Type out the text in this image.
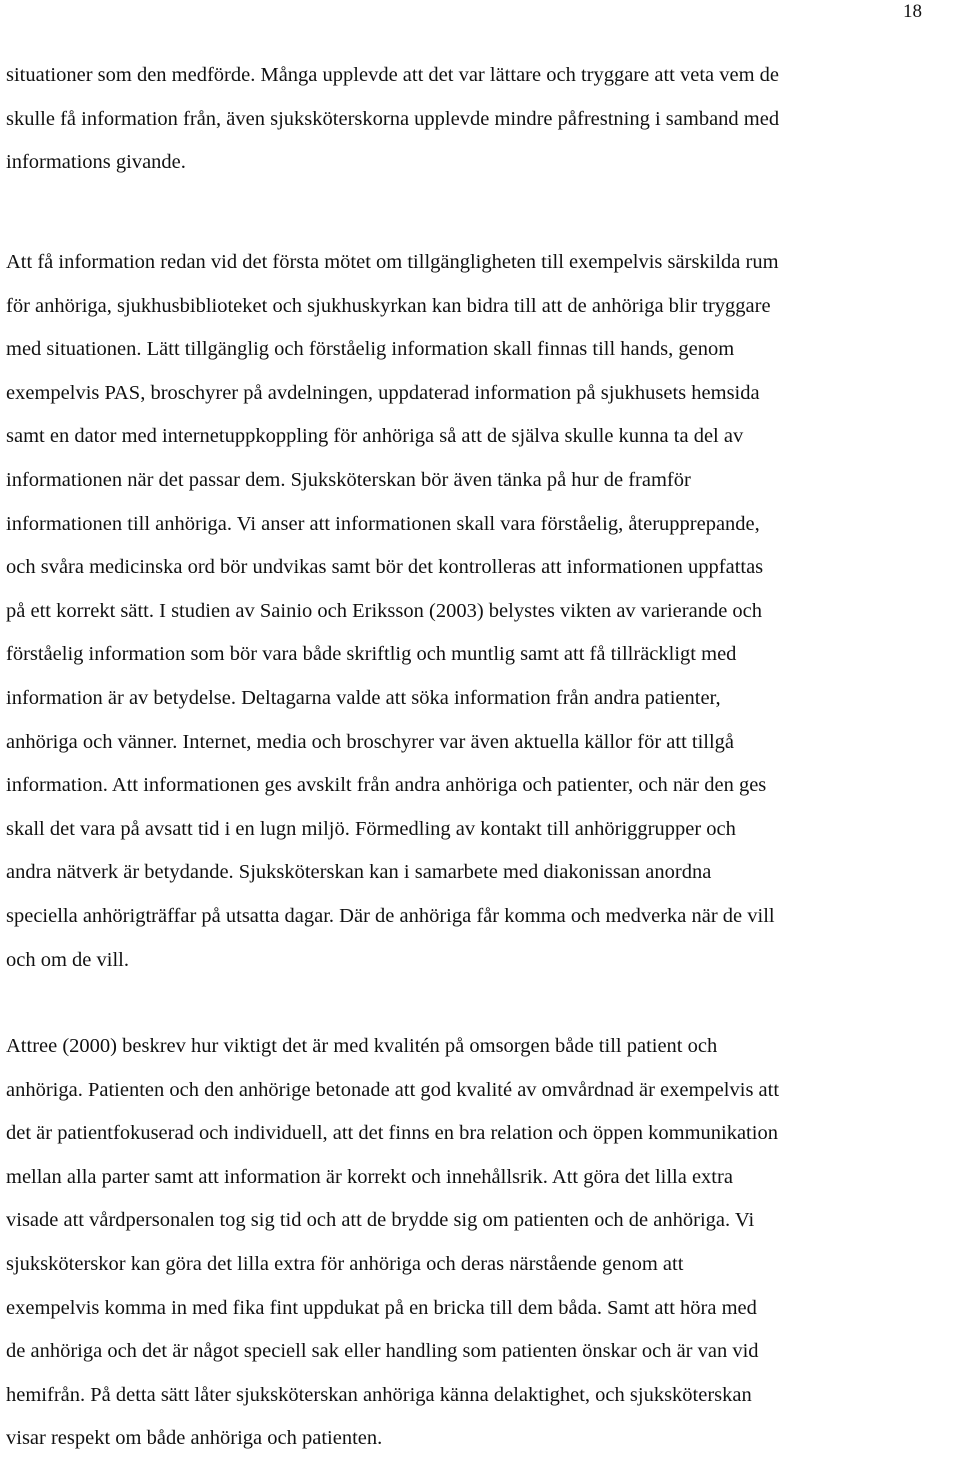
18

situationer som den medförde. Många upplevde att det var lättare och tryggare att veta vem de
skulle få information från, även sjuksköterskorna upplevde mindre påfrestning i samband med
informations givande.

Att få information redan vid det första mötet om tillgängligheten till exempelvis särskilda rum
för anhöriga, sjukhusbiblioteket och sjukhuskyrkan kan bidra till att de anhöriga blir tryggare
med situationen. Lätt tillgänglig och förståelig information skall finnas till hands, genom
exempelvis PAS, broschyrer på avdelningen, uppdaterad information på sjukhusets hemsida
samt en dator med internetuppkoppling för anhöriga så att de själva skulle kunna ta del av
informationen när det passar dem. Sjuksköterskan bör även tänka på hur de framför
informationen till anhöriga. Vi anser att informationen skall vara förståelig, återupprepande,
och svåra medicinska ord bör undvikas samt bör det kontrolleras att informationen uppfattas
på ett korrekt sätt. I studien av Sainio och Eriksson (2003) belystes vikten av varierande och
förståelig information som bör vara både skriftlig och muntlig samt att få tillräckligt med
information är av betydelse. Deltagarna valde att söka information från andra patienter,
anhöriga och vänner. Internet, media och broschyrer var även aktuella källor för att tillgå
information. Att informationen ges avskilt från andra anhöriga och patienter, och när den ges
skall det vara på avsatt tid i en lugn miljö. Förmedling av kontakt till anhöriggrupper och
andra nätverk är betydande. Sjuksköterskan kan i samarbete med diakonissan anordna
speciella anhörigträffar på utsatta dagar. Där de anhöriga får komma och medverka när de vill
och om de vill.

Attree (2000) beskrev hur viktigt det är med kvalitén på omsorgen både till patient och
anhöriga. Patienten och den anhörige betonade att god kvalité av omvårdnad är exempelvis att
det är patientfokuserad och individuell, att det finns en bra relation och öppen kommunikation
mellan alla parter samt att information är korrekt och innehållsrik. Att göra det lilla extra
visade att vårdpersonalen tog sig tid och att de brydde sig om patienten och de anhöriga. Vi
sjuksköterskor kan göra det lilla extra för anhöriga och deras närstående genom att
exempelvis komma in med fika fint uppdukat på en bricka till dem båda. Samt att höra med
de anhöriga och det är något speciell sak eller handling som patienten önskar och är van vid
hemifrån. På detta sätt låter sjuksköterskan anhöriga känna delaktighet, och sjuksköterskan
visar respekt om både anhöriga och patienten.
